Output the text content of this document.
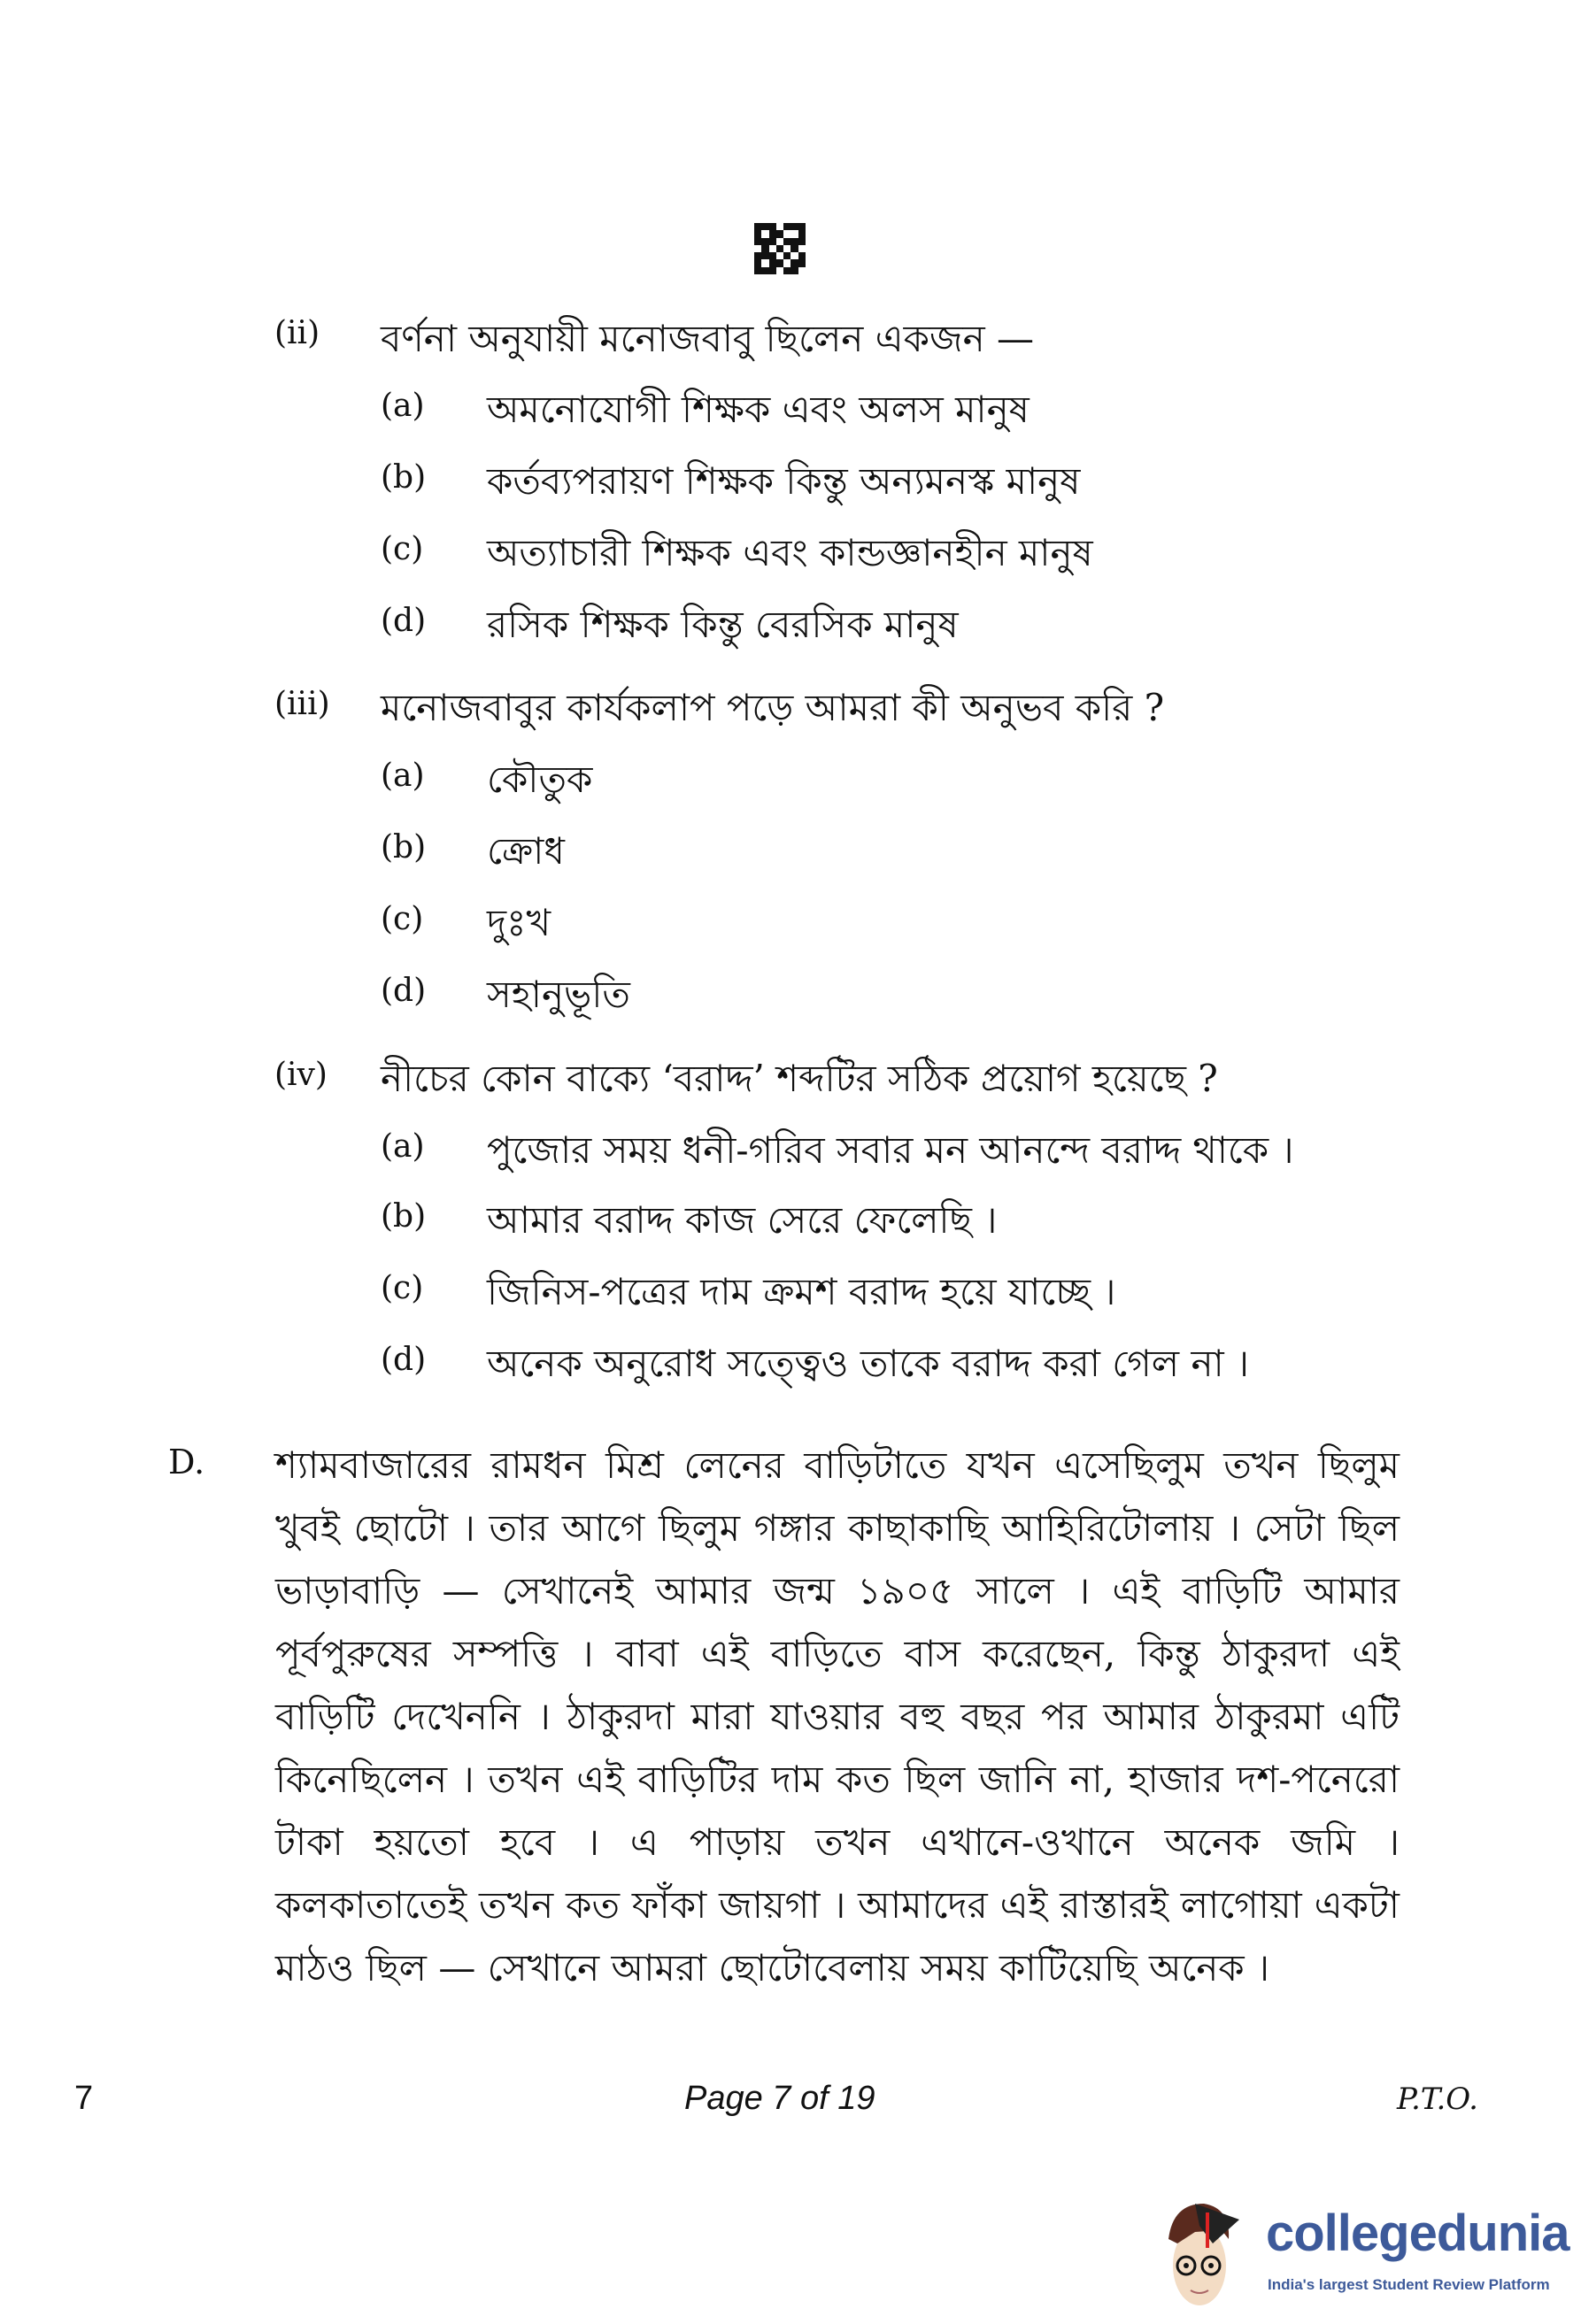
(ii) বর্ণনা অনুযায়ী মনোজবাবু ছিলেন একজন —
(a) অমনোযোগী শিক্ষক এবং অলস মানুষ
(b) কর্তব্যপরায়ণ শিক্ষক কিন্তু অন্যমনস্ক মানুষ
(c) অত্যাচারী শিক্ষক এবং কান্ডজ্ঞানহীন মানুষ
(d) রসিক শিক্ষক কিন্তু বেরসিক মানুষ
(iii) মনোজবাবুর কার্যকলাপ পড়ে আমরা কী অনুভব করি ?
(a) কৌতুক
(b) ক্রোধ
(c) দুঃখ
(d) সহানুভূতি
(iv) নীচের কোন বাক্যে ‘বরাদ্দ’ শব্দটির সঠিক প্রয়োগ হয়েছে ?
(a) পুজোর সময় ধনী-গরিব সবার মন আনন্দে বরাদ্দ থাকে ।
(b) আমার বরাদ্দ কাজ সেরে ফেলেছি ।
(c) জিনিস-পত্রের দাম ক্রমশ বরাদ্দ হয়ে যাচ্ছে ।
(d) অনেক অনুরোধ সত্ত্বেও তাকে বরাদ্দ করা গেল না ।
D. শ্যামবাজারের রামধন মিশ্র লেনের বাড়িটাতে যখন এসেছিলুম তখন ছিলুম খুবই ছোটো । তার আগে ছিলুম গঙ্গার কাছাকাছি আহিরিটোলায় । সেটা ছিল ভাড়াবাড়ি — সেখানেই আমার জন্ম ১৯০৫ সালে । এই বাড়িটি আমার পূর্বপুরুষের সম্পত্তি । বাবা এই বাড়িতে বাস করেছেন, কিন্তু ঠাকুরদা এই বাড়িটি দেখেননি । ঠাকুরদা মারা যাওয়ার বহু বছর পর আমার ঠাকুরমা এটি কিনেছিলেন । তখন এই বাড়িটির দাম কত ছিল জানি না, হাজার দশ-পনেরো টাকা হয়তো হবে । এ পাড়ায় তখন এখানে-ওখানে অনেক জমি । কলকাতাতেই তখন কত ফাঁকা জায়গা । আমাদের এই রাস্তারই লাগোয়া একটা মাঠও ছিল — সেখানে আমরা ছোটোবেলায় সময় কাটিয়েছি অনেক ।
7	Page 7 of 19	P.T.O.
collegedunia
India's largest Student Review Platform
